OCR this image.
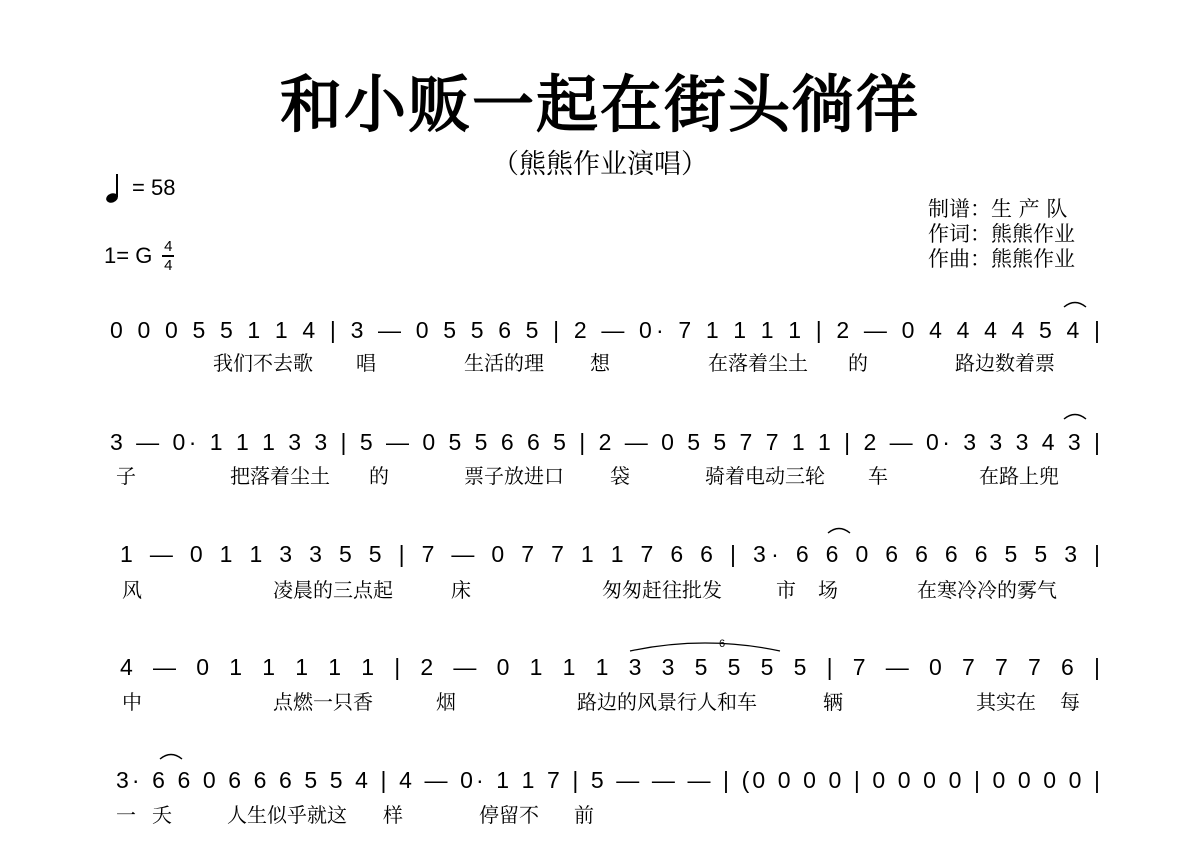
和小贩一起在街头徜徉
（熊熊作业演唱）
= 58
1= G 4
4
制谱：生 产 队
作词：熊熊作业
作曲：熊熊作业
0 0 0 5 5 1 1 4 | 3 — 0 5 5 6 5 | 2 — 0· 7 1 1 1 1 | 2 — 0 4 4 4 4 5 4 |
我们不去歌 唱	生活的理 想	在落着尘土 的	路边数着票
3 — 0· 1 1 1 3 3 | 5 — 0 5 5 6 6 5 | 2 — 0 5 5 7 7 1 1 | 2 — 0· 3 3 3 4 3 |
子	把落着尘土 的	票子放进口 袋	骑着电动三轮 车	在路上兜
1 — 0 1 1 3 3 5 5 | 7 — 0 7 7 1 1 7 6 6 | 3· 6 6 0 6 6 6 6 5 5 3 |
风	凌晨的三点起	床	匆匆赶往批发	市 场	在寒冷冷的雾气
4 — 0 1 1 1 1 1 | 2 — 0 1 1 1 3 3 5 5 5 5 | 7 — 0 7 7 7 6 |
6
中	点燃一只香	烟	路边的风景行人和车	辆	其实在 每
3· 6 6 0 6 6 6 5 5 4 | 4 — 0· 1 1 7 | 5 — — — | (0 0 0 0 | 0 0 0 0 | 0 0 0 0 |
一 夭	人生似乎就这 样	停留不 前
